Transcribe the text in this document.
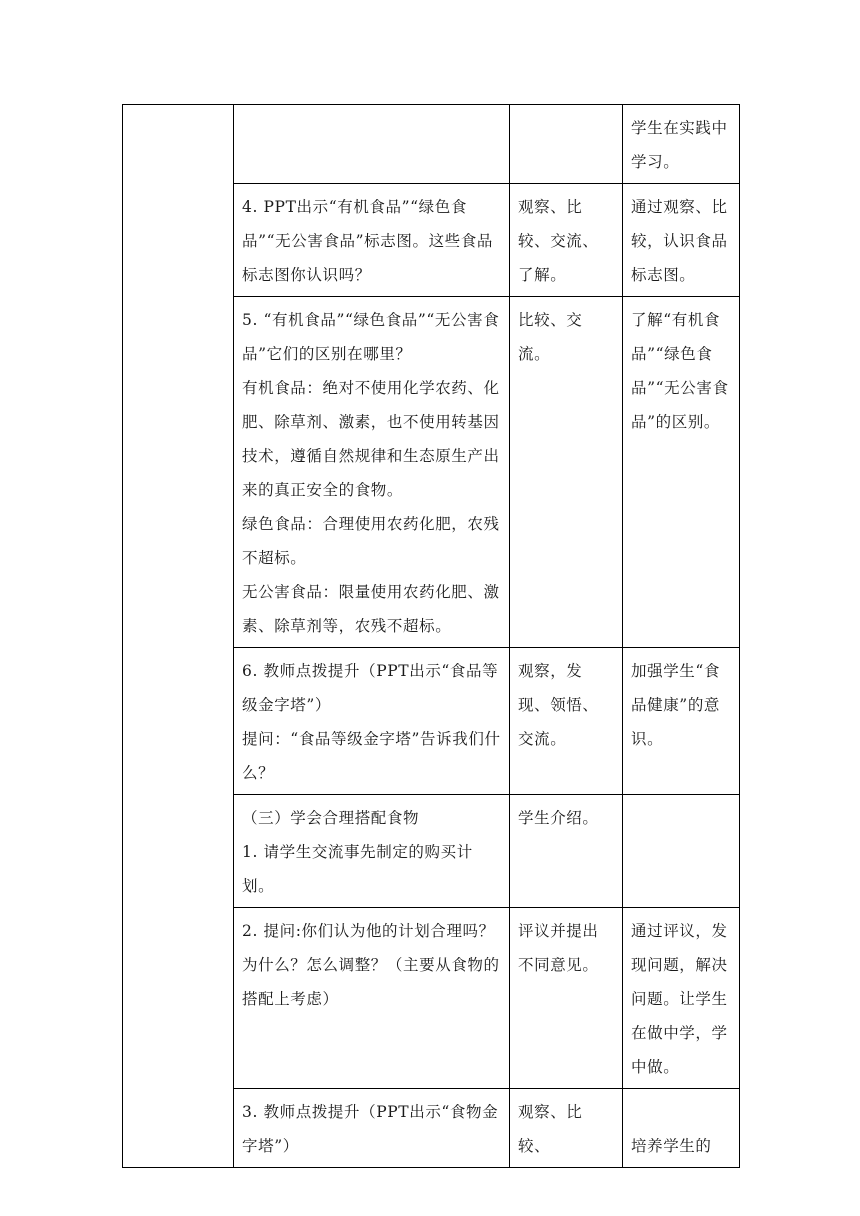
			学生在实践中学习。

	4. PPT出示“有机食品”“绿色食品”“无公害食品”标志图。这些食品标志图你认识吗？	观察、比较、交流、了解。	通过观察、比较，认识食品标志图。

	5. “有机食品”“绿色食品”“无公害食品”它们的区别在哪里？
有机食品：绝对不使用化学农药、化肥、除草剂、激素，也不使用转基因技术，遵循自然规律和生态原生产出来的真正安全的食物。
绿色食品：合理使用农药化肥，农残不超标。
无公害食品：限量使用农药化肥、激素、除草剂等，农残不超标。	比较、交流。	了解“有机食品”“绿色食品”“无公害食品”的区别。

	6. 教师点拨提升（PPT出示“食品等级金字塔”）
提问：“食品等级金字塔”告诉我们什么？	观察，发现、领悟、交流。	加强学生“食品健康”的意识。

	（三）学会合理搭配食物
1. 请学生交流事先制定的购买计划。	学生介绍。	

	2. 提问:你们认为他的计划合理吗？为什么？怎么调整？（主要从食物的搭配上考虑）	评议并提出不同意见。	通过评议，发现问题，解决问题。让学生在做中学，学中做。

	3. 教师点拨提升（PPT出示“食物金字塔”）	观察、比较、	培养学生的
